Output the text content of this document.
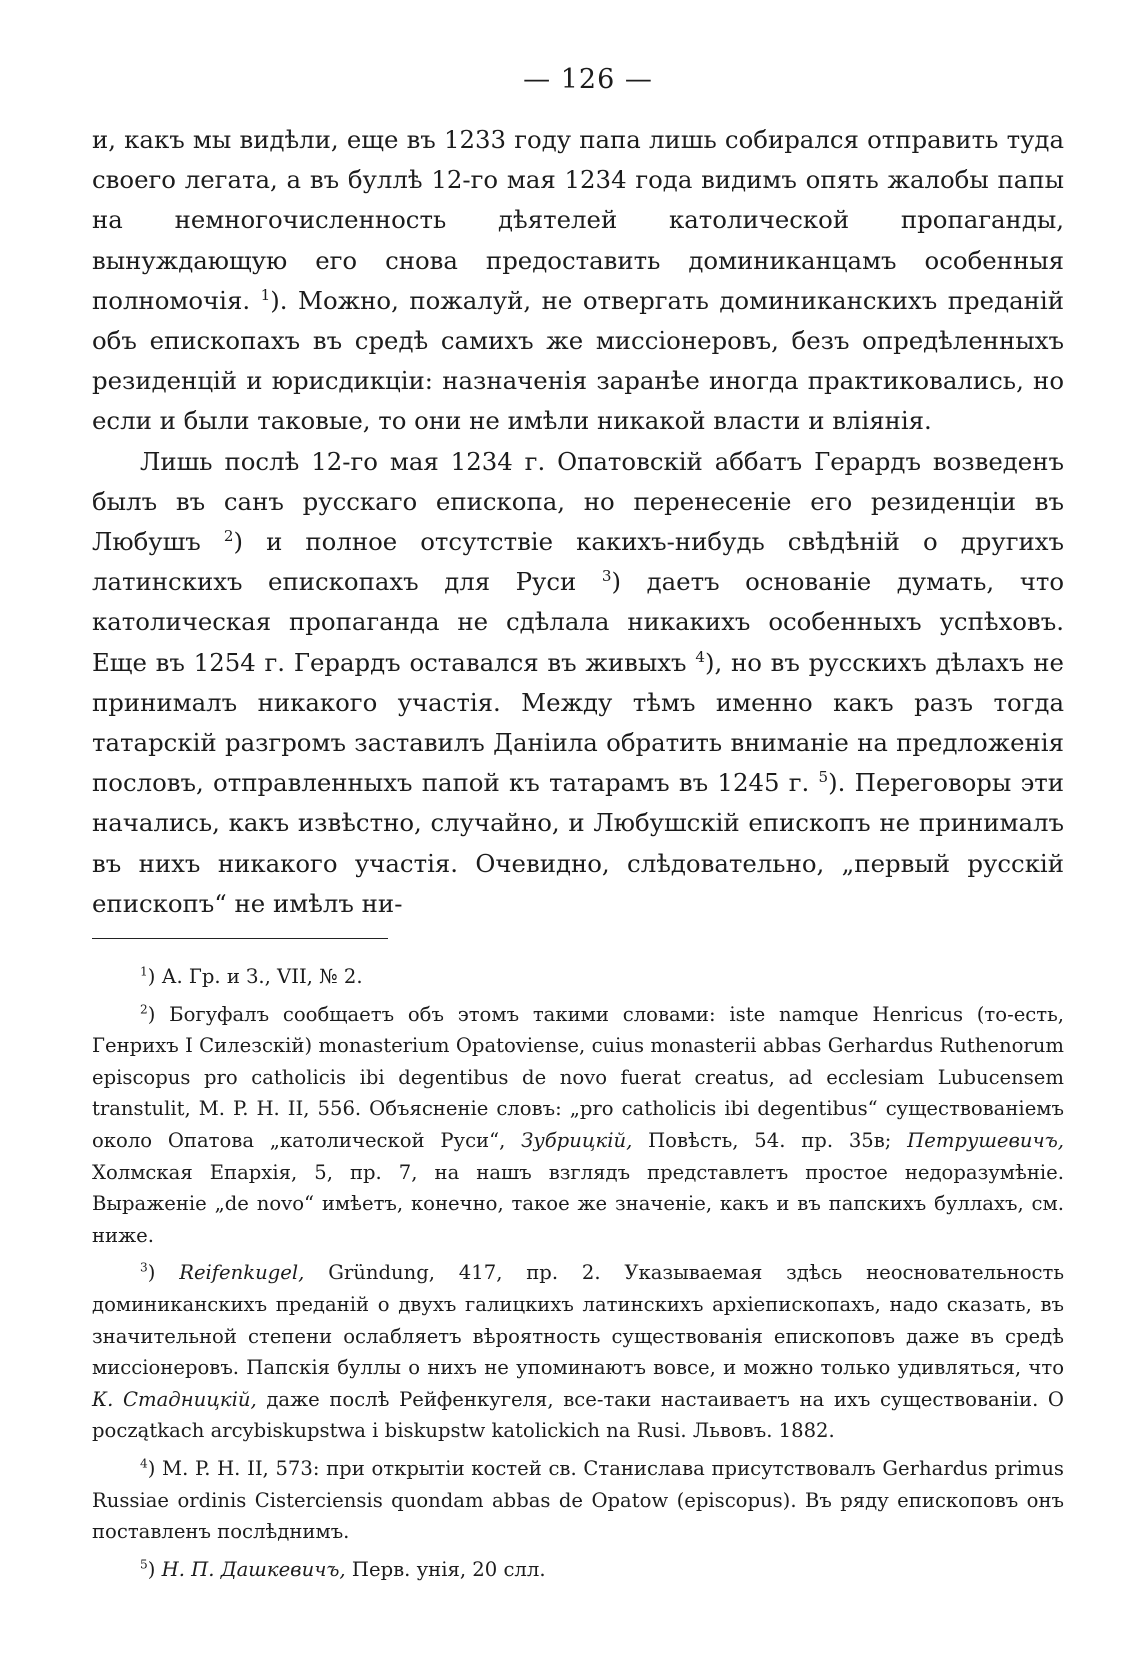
— 126 —

и, какъ мы видѣли, еще въ 1233 году папа лишь собирался отправить туда своего легата, а въ буллѣ 12-го мая 1234 года видимъ опять жалобы папы на немногочисленность дѣятелей католической пропаганды, вынуждающую его снова предоставить доминиканцамъ особенныя полномочія. $^1$). Можно, пожалуй, не отвергать доминиканскихъ преданій объ епископахъ въ средѣ самихъ же миссіонеровъ, безъ опредѣленныхъ резиденцій и юрисдикціи: назначенія заранѣе иногда практиковались, но если и были таковые, то они не имѣли никакой власти и вліянія.

Лишь послѣ 12-го мая 1234 г. Опатовскій аббатъ Герардъ возведенъ былъ въ санъ русскаго епископа, но перенесеніе его резиденціи въ Любушъ $^2$) и полное отсутствіе какихъ-нибудь свѣдѣній о другихъ латинскихъ епископахъ для Руси $^3$) даетъ основаніе думать, что католическая пропаганда не сдѣлала никакихъ особенныхъ успѣховъ. Еще въ 1254 г. Герардъ оставался въ живыхъ $^4$), но въ русскихъ дѣлахъ не принималъ никакого участія. Между тѣмъ именно какъ разъ тогда татарскій разгромъ заставилъ Даніила обратить вниманіе на предложенія пословъ, отправленныхъ папой къ татарамъ въ 1245 г. $^5$). Переговоры эти начались, какъ извѣстно, случайно, и Любушскій епископъ не принималъ въ нихъ никакого участія. Очевидно, слѣдовательно, „первый русскій епископъ“ не имѣлъ ни-

$^1$) А. Гр. и З., VII, № 2.

$^2$) Богуфалъ сообщаетъ объ этомъ такими словами: iste namque Henricus (то-есть, Генрихъ I Силезскій) monasterium Opatoviense, cuius monasterii abbas Gerhardus Ruthenorum episcopus pro catholicis ibi degentibus de novo fuerat creatus, ad ecclesiam Lubucensem transtulit, M. P. H. II, 556. Объясненіе словъ: „pro catholicis ibi degentibus“ существованіемъ около Опатова „католической Руси“, Зубрицкій, Повѣсть, 54. пр. 35в; Петрушевичъ, Холмская Епархія, 5, пр. 7, на нашъ взглядъ представлетъ простое недоразумѣніе. Выраженіе „de novo“ имѣетъ, конечно, такое же значеніе, какъ и въ папскихъ буллахъ, см. ниже.

$^3$) Reifenkugel, Gründung, 417, пр. 2. Указываемая здѣсь неосновательность доминиканскихъ преданій о двухъ галицкихъ латинскихъ архіепископахъ, надо сказать, въ значительной степени ослабляетъ вѣроятность существованія епископовъ даже въ средѣ миссіонеровъ. Папскія буллы о нихъ не упоминаютъ вовсе, и можно только удивляться, что К. Стадницкій, даже послѣ Рейфенкугеля, все-таки настаиваетъ на ихъ существованіи. O początkach arcybiskupstwa i biskupstw katolickich na Rusi. Львовъ. 1882.

$^4$) M. P. H. II, 573: при открытіи костей св. Станислава присутствовалъ Gerhardus primus Russiae ordinis Cisterciensis quondam abbas de Opatow (episcopus). Въ ряду епископовъ онъ поставленъ послѣднимъ.

$^5$) Н. П. Дашкевичъ, Перв. унія, 20 слл.
